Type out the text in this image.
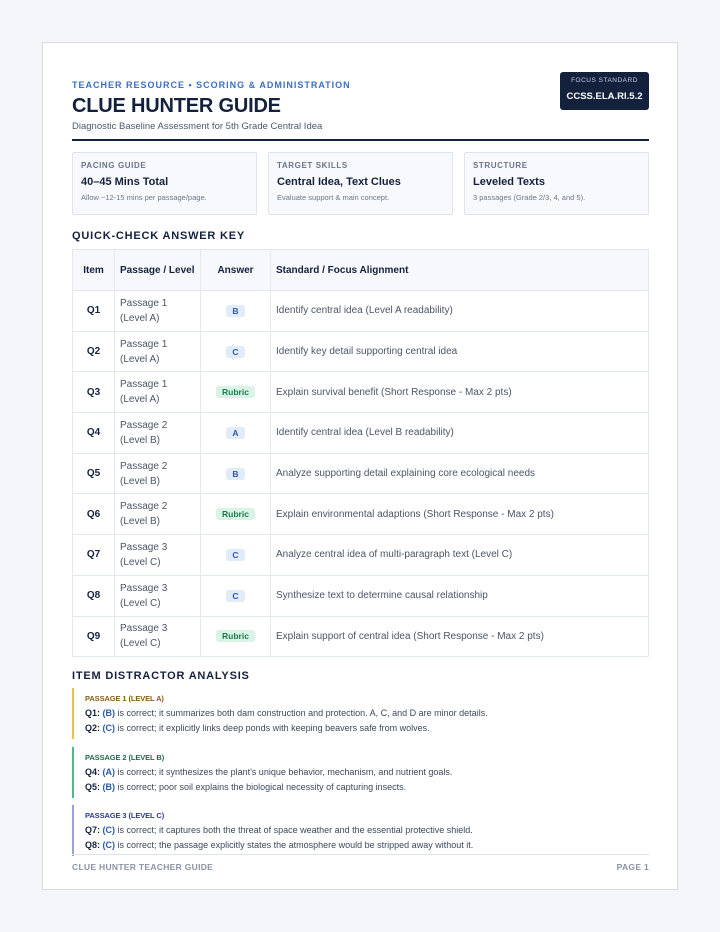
TEACHER RESOURCE • SCORING & ADMINISTRATION
CLUE HUNTER GUIDE
Diagnostic Baseline Assessment for 5th Grade Central Idea
FOCUS STANDARD
CCSS.ELA.RI.5.2
PACING GUIDE
40–45 Mins Total
Allow ~12-15 mins per passage/page.
TARGET SKILLS
Central Idea, Text Clues
Evaluate support & main concept.
STRUCTURE
Leveled Texts
3 passages (Grade 2/3, 4, and 5).
QUICK-CHECK ANSWER KEY
Item	Passage / Level	Answer	Standard / Focus Alignment
Q1	Passage 1
(Level A)	B	Identify central idea (Level A readability)
Q2	Passage 1
(Level A)	C	Identify key detail supporting central idea
Q3	Passage 1
(Level A)	Rubric	Explain survival benefit (Short Response - Max 2 pts)
Q4	Passage 2
(Level B)	A	Identify central idea (Level B readability)
Q5	Passage 2
(Level B)	B	Analyze supporting detail explaining core ecological needs
Q6	Passage 2
(Level B)	Rubric	Explain environmental adaptions (Short Response - Max 2 pts)
Q7	Passage 3
(Level C)	C	Analyze central idea of multi-paragraph text (Level C)
Q8	Passage 3
(Level C)	C	Synthesize text to determine causal relationship
Q9	Passage 3
(Level C)	Rubric	Explain support of central idea (Short Response - Max 2 pts)
ITEM DISTRACTOR ANALYSIS
PASSAGE 1 (LEVEL A)
Q1: (B) is correct; it summarizes both dam construction and protection. A, C, and D are minor details.
Q2: (C) is correct; it explicitly links deep ponds with keeping beavers safe from wolves.
PASSAGE 2 (LEVEL B)
Q4: (A) is correct; it synthesizes the plant's unique behavior, mechanism, and nutrient goals.
Q5: (B) is correct; poor soil explains the biological necessity of capturing insects.
PASSAGE 3 (LEVEL C)
Q7: (C) is correct; it captures both the threat of space weather and the essential protective shield.
Q8: (C) is correct; the passage explicitly states the atmosphere would be stripped away without it.
CLUE HUNTER TEACHER GUIDE	PAGE 1
